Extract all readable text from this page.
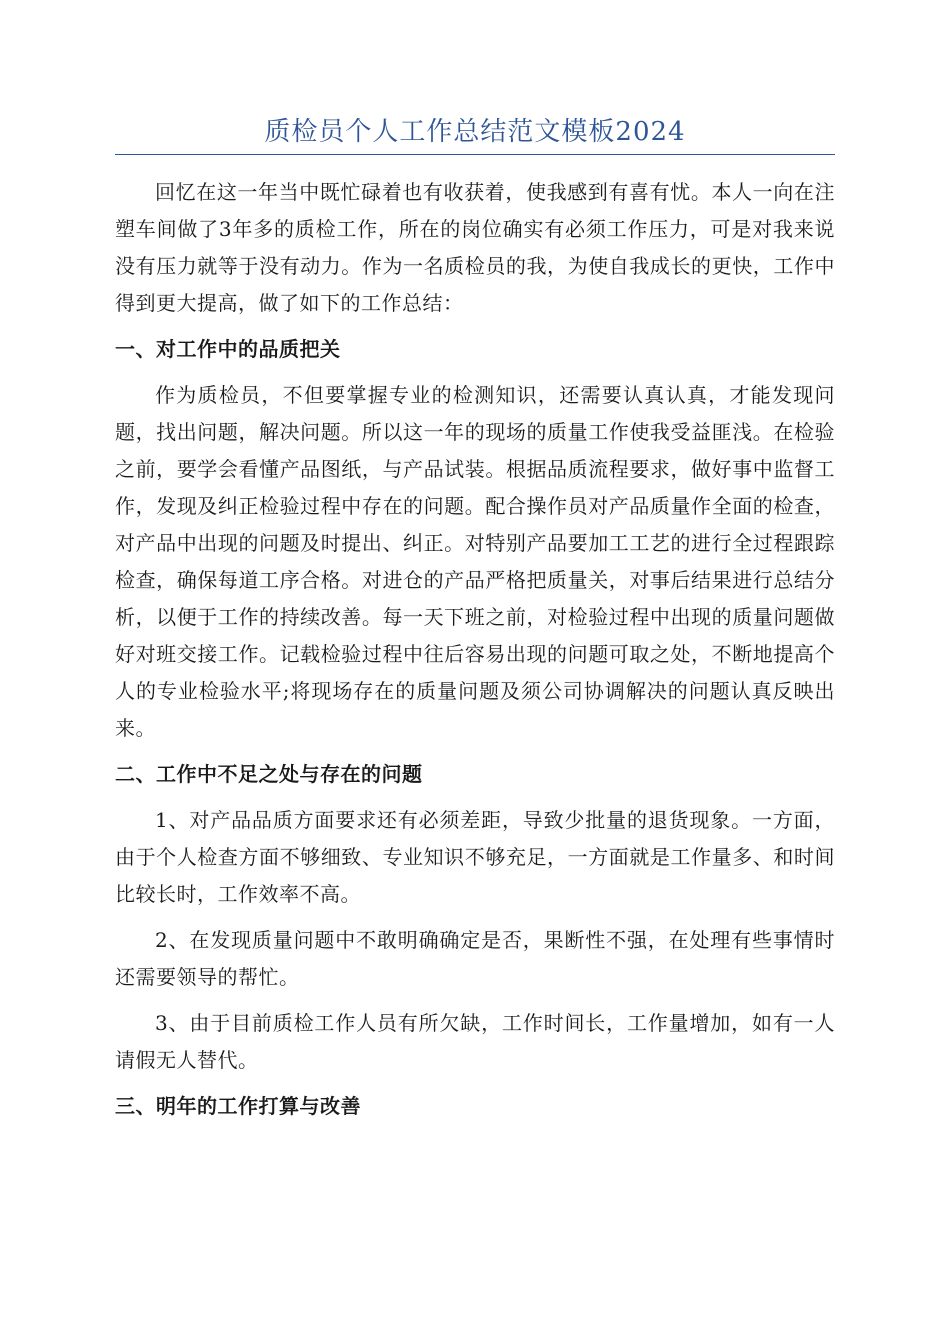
质检员个人工作总结范文模板2024

回忆在这一年当中既忙碌着也有收获着，使我感到有喜有忧。本人一向在注塑车间做了3年多的质检工作，所在的岗位确实有必须工作压力，可是对我来说没有压力就等于没有动力。作为一名质检员的我，为使自我成长的更快，工作中得到更大提高，做了如下的工作总结：

一、对工作中的品质把关

作为质检员，不但要掌握专业的检测知识，还需要认真认真，才能发现问题，找出问题，解决问题。所以这一年的现场的质量工作使我受益匪浅。在检验之前，要学会看懂产品图纸，与产品试装。根据品质流程要求，做好事中监督工作，发现及纠正检验过程中存在的问题。配合操作员对产品质量作全面的检查，对产品中出现的问题及时提出、纠正。对特别产品要加工工艺的进行全过程跟踪检查，确保每道工序合格。对进仓的产品严格把质量关，对事后结果进行总结分析，以便于工作的持续改善。每一天下班之前，对检验过程中出现的质量问题做好对班交接工作。记载检验过程中往后容易出现的问题可取之处，不断地提高个人的专业检验水平;将现场存在的质量问题及须公司协调解决的问题认真反映出来。

二、工作中不足之处与存在的问题

1、对产品品质方面要求还有必须差距，导致少批量的退货现象。一方面，由于个人检查方面不够细致、专业知识不够充足，一方面就是工作量多、和时间比较长时，工作效率不高。

2、在发现质量问题中不敢明确确定是否，果断性不强，在处理有些事情时还需要领导的帮忙。

3、由于目前质检工作人员有所欠缺，工作时间长，工作量增加，如有一人请假无人替代。

三、明年的工作打算与改善
